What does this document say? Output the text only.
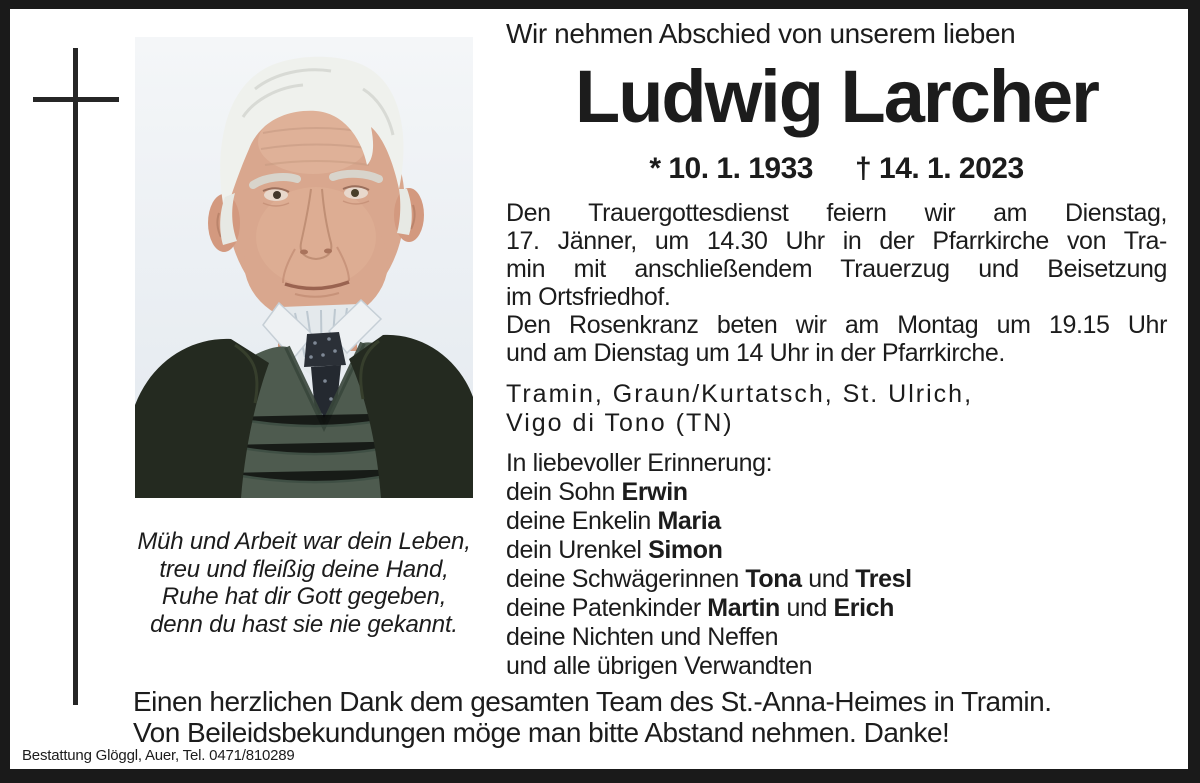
Müh und Arbeit war dein Leben,
treu und fleißig deine Hand,
Ruhe hat dir Gott gegeben,
denn du hast sie nie gekannt.
Wir nehmen Abschied von unserem lieben
Ludwig Larcher
* 10. 1. 1933 † 14. 1. 2023
Den Trauergottesdienst feiern wir am Dienstag,
17. Jänner, um 14.30 Uhr in der Pfarrkirche von Tra-
min mit anschließendem Trauerzug und Beisetzung
im Ortsfriedhof.
Den Rosenkranz beten wir am Montag um 19.15 Uhr
und am Dienstag um 14 Uhr in der Pfarrkirche.
Tramin, Graun/Kurtatsch, St. Ulrich,
Vigo di Tono (TN)
In liebevoller Erinnerung:
dein Sohn Erwin
deine Enkelin Maria
dein Urenkel Simon
deine Schwägerinnen Tona und Tresl
deine Patenkinder Martin und Erich
deine Nichten und Neffen
und alle übrigen Verwandten
Einen herzlichen Dank dem gesamten Team des St.-Anna-Heimes in Tramin.
Von Beileidsbekundungen möge man bitte Abstand nehmen. Danke!
Bestattung Glöggl, Auer, Tel. 0471/810289
